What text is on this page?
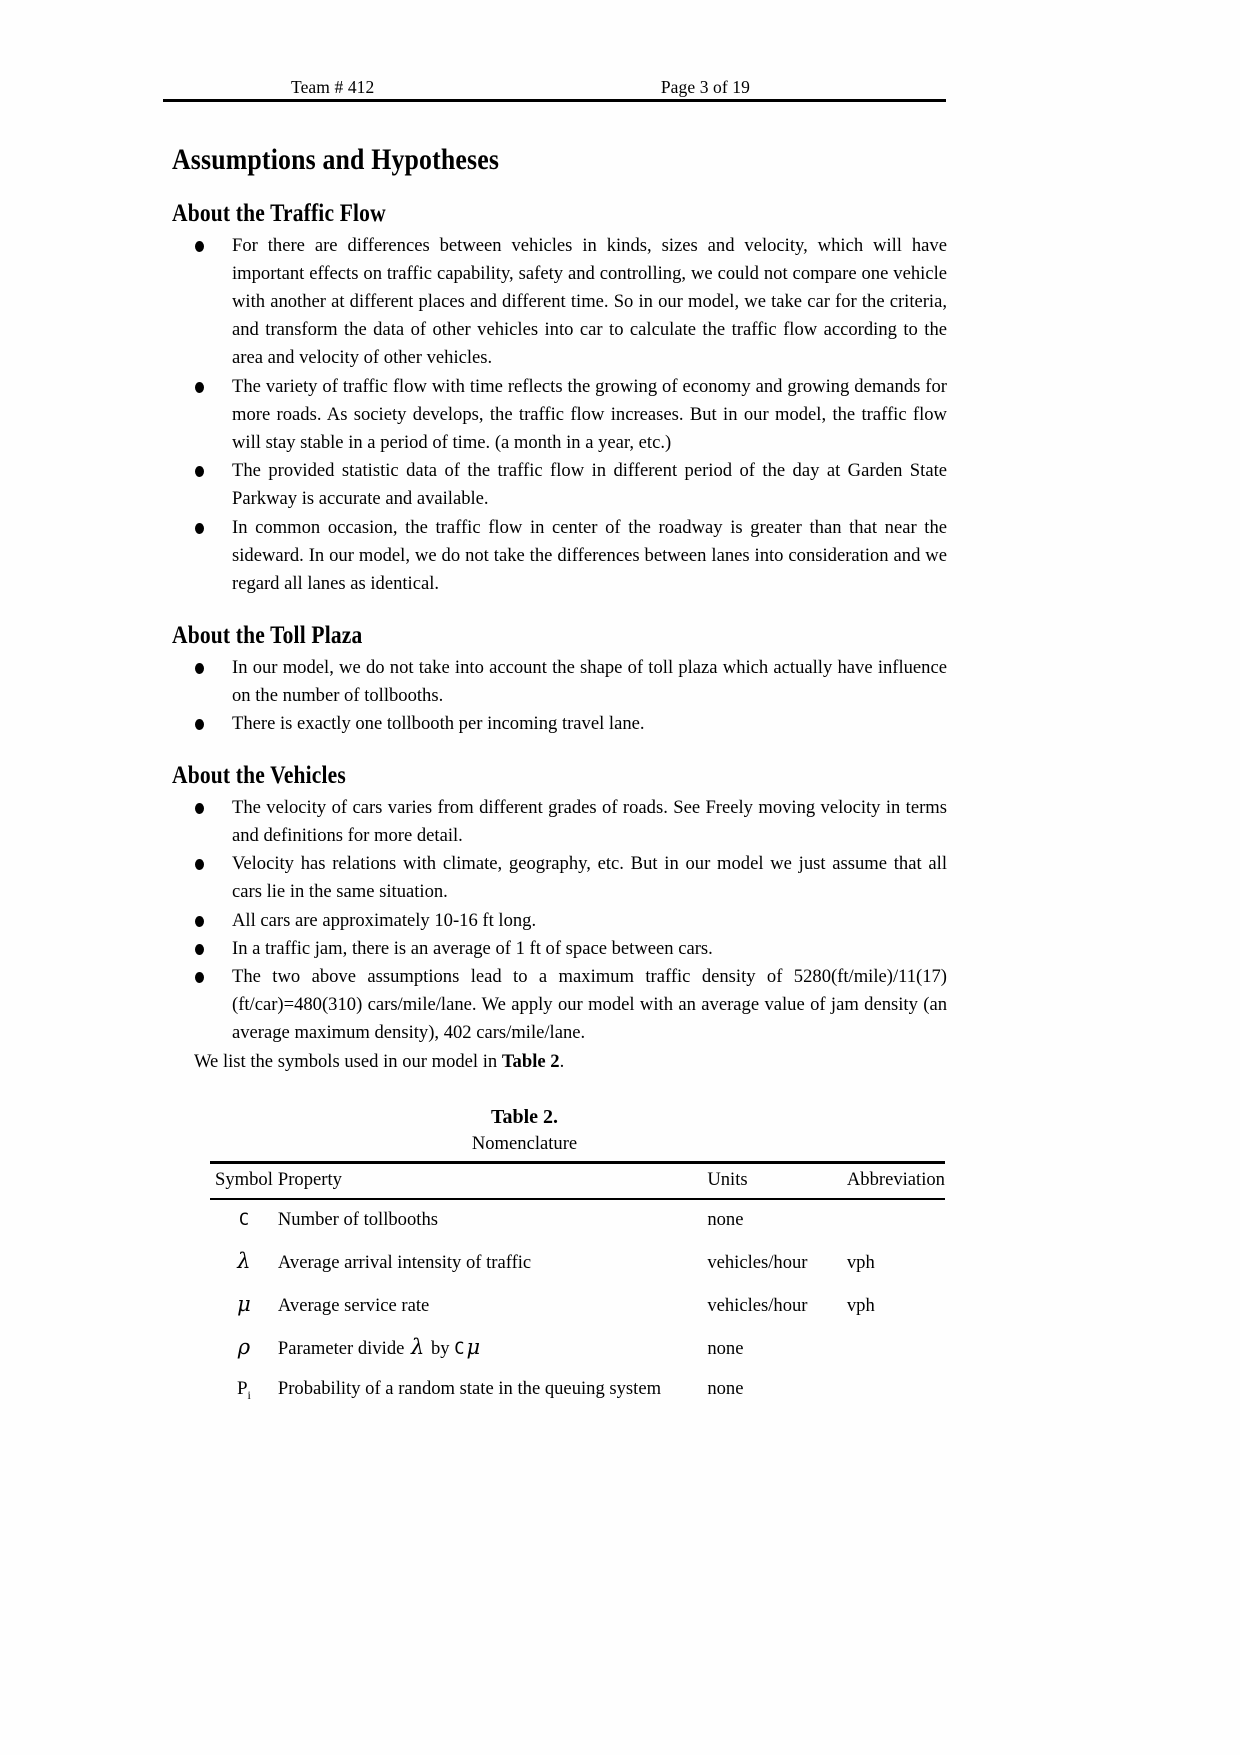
Team # 412	Page 3 of 19
Assumptions and Hypotheses
About the Traffic Flow
For there are differences between vehicles in kinds, sizes and velocity, which will have important effects on traffic capability, safety and controlling, we could not compare one vehicle with another at different places and different time. So in our model, we take car for the criteria, and transform the data of other vehicles into car to calculate the traffic flow according to the area and velocity of other vehicles.
The variety of traffic flow with time reflects the growing of economy and growing demands for more roads. As society develops, the traffic flow increases. But in our model, the traffic flow will stay stable in a period of time. (a month in a year, etc.)
The provided statistic data of the traffic flow in different period of the day at Garden State Parkway is accurate and available.
In common occasion, the traffic flow in center of the roadway is greater than that near the sideward. In our model, we do not take the differences between lanes into consideration and we regard all lanes as identical.
About the Toll Plaza
In our model, we do not take into account the shape of toll plaza which actually have influence on the number of tollbooths.
There is exactly one tollbooth per incoming travel lane.
About the Vehicles
The velocity of cars varies from different grades of roads. See Freely moving velocity in terms and definitions for more detail.
Velocity has relations with climate, geography, etc. But in our model we just assume that all cars lie in the same situation.
All cars are approximately 10-16 ft long.
In a traffic jam, there is an average of 1 ft of space between cars.
The two above assumptions lead to a maximum traffic density of 5280(ft/mile)/11(17)(ft/car)=480(310) cars/mile/lane. We apply our model with an average value of jam density (an average maximum density), 402 cars/mile/lane.

We list the symbols used in our model in Table 2.

Table 2.
Nomenclature
Symbol	Property	Units	Abbreviation
C	Number of tollbooths	none	
λ	Average arrival intensity of traffic	vehicles/hour	vph
μ	Average service rate	vehicles/hour	vph
ρ	Parameter divide λ by Cμ	none	
$P_i$	Probability of a random state in the queuing system	none	
